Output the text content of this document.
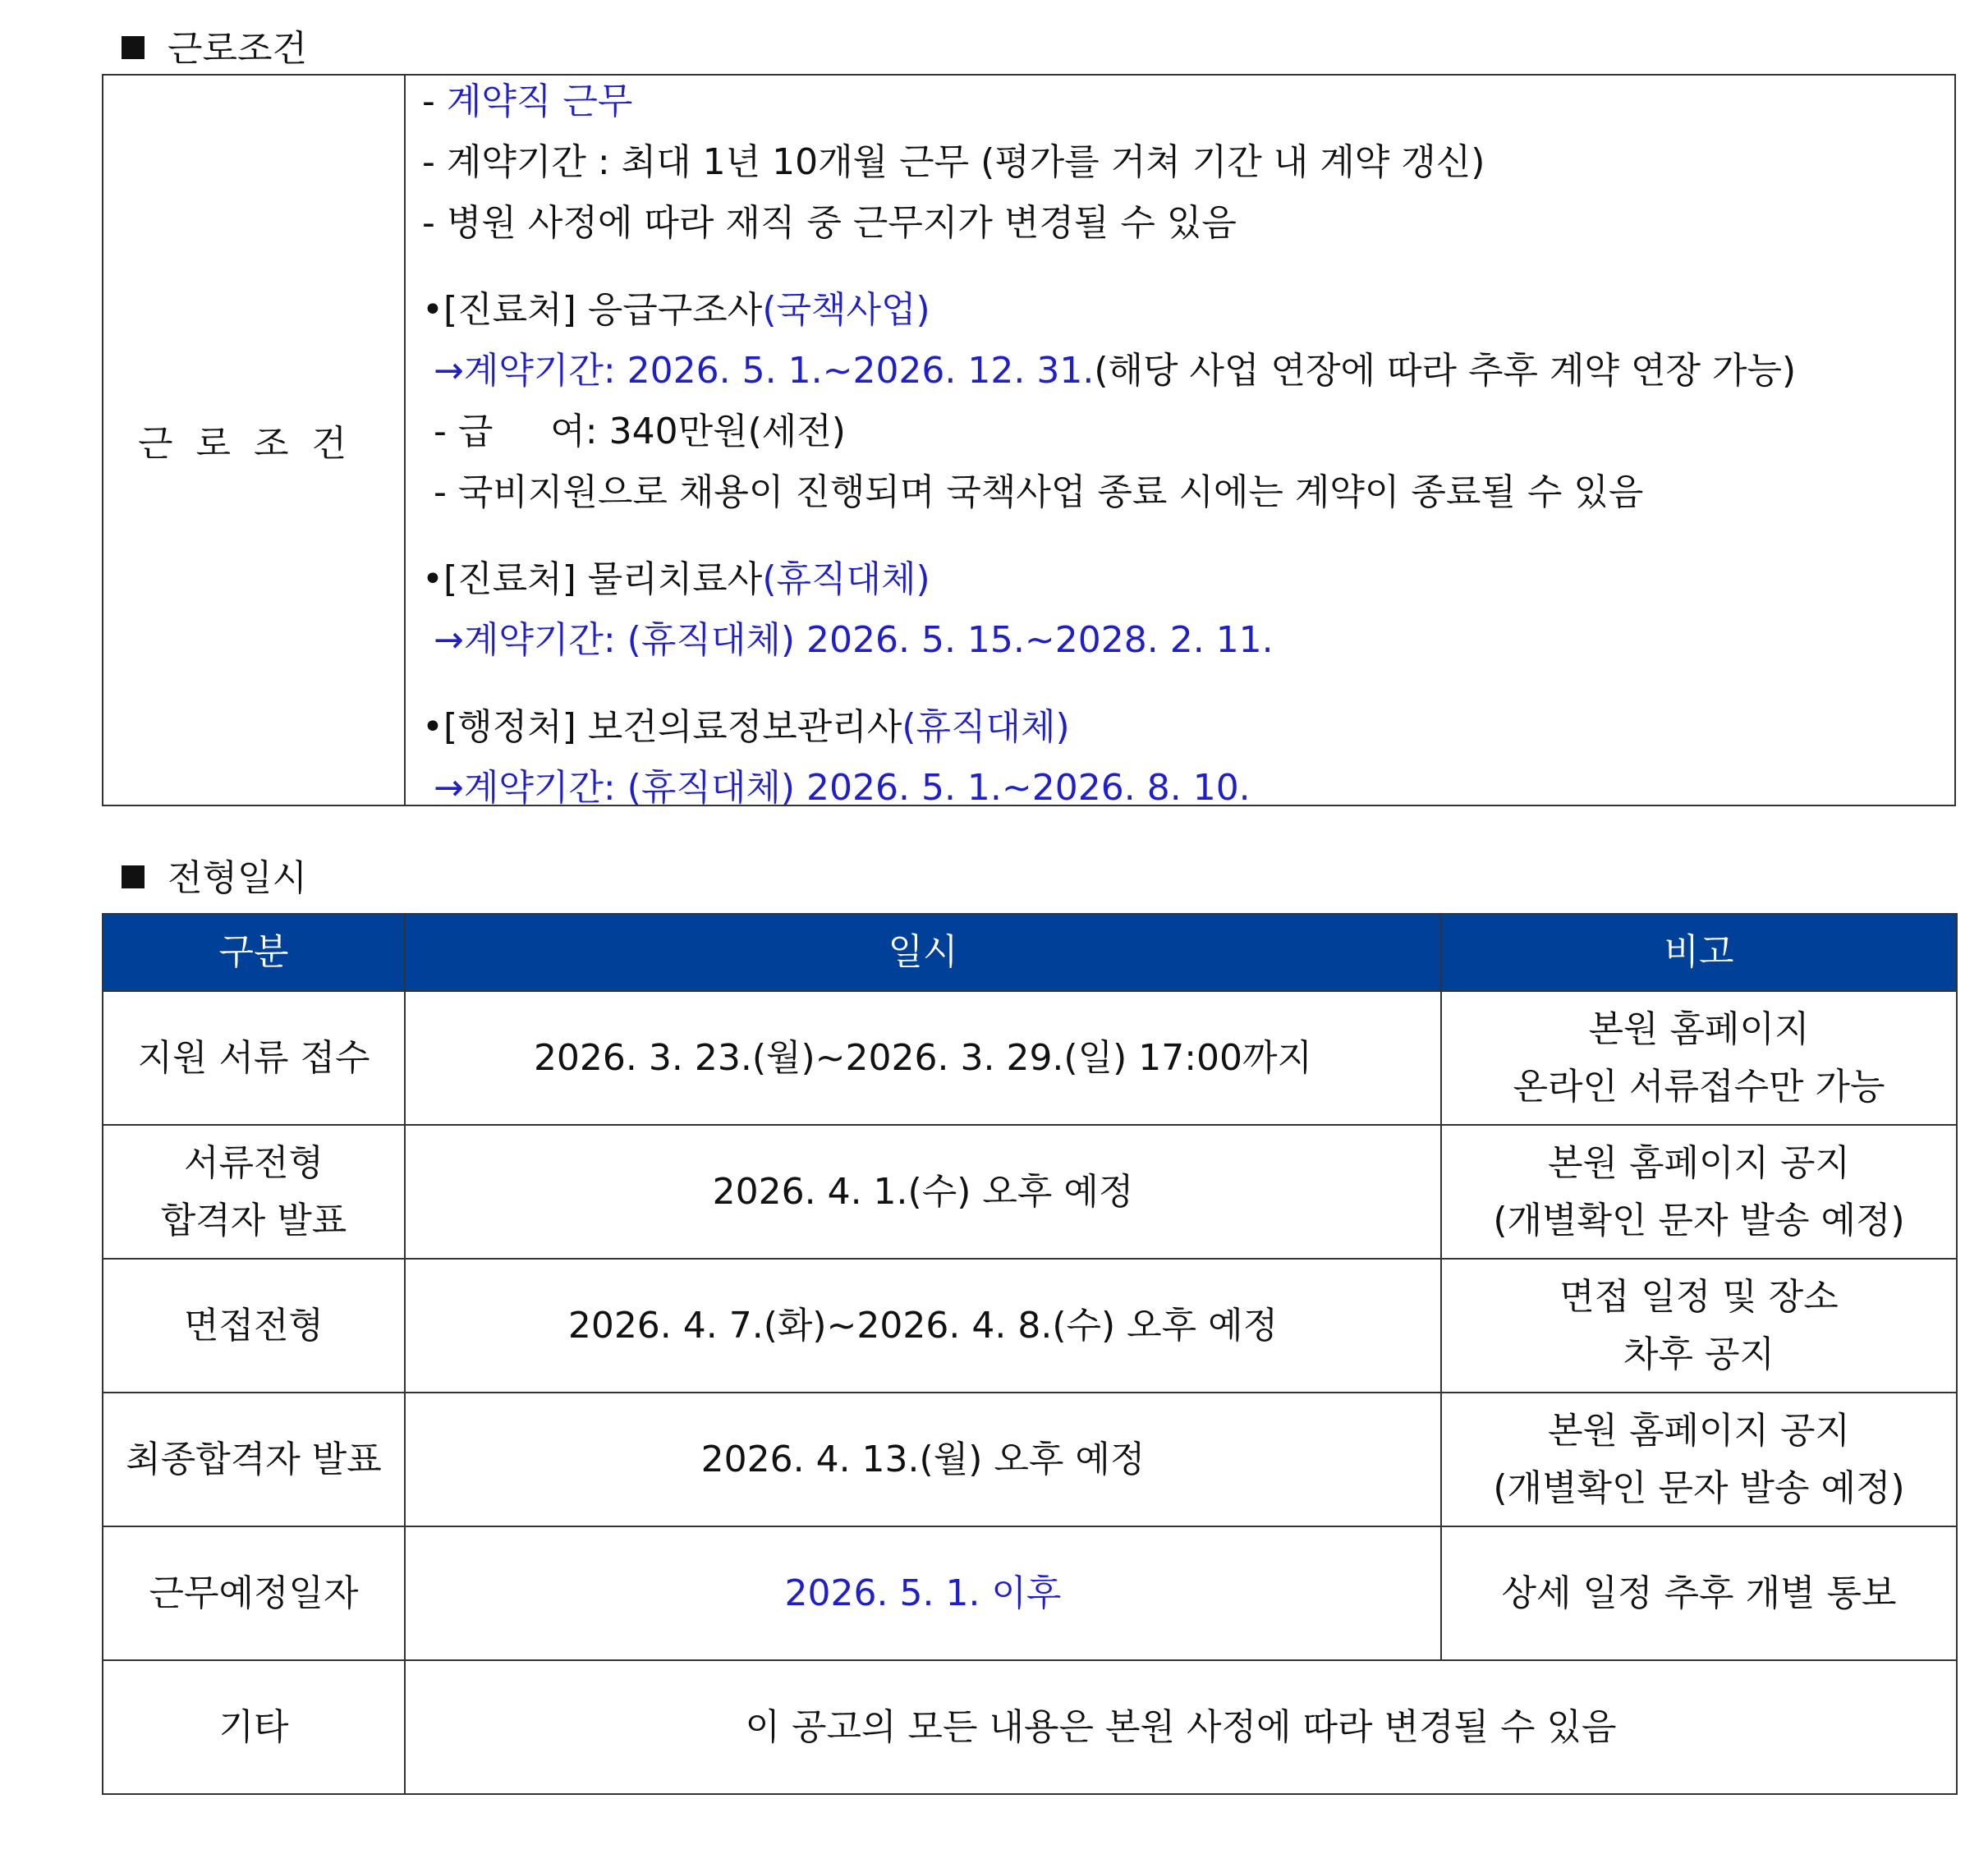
근로조건
근로조건
- 계약직 근무
- 계약기간 : 최대 1년 10개월 근무 (평가를 거쳐 기간 내 계약 갱신)
- 병원 사정에 따라 재직 중 근무지가 변경될 수 있음
•[진료처] 응급구조사(국책사업)
→계약기간: 2026. 5. 1.~2026. 12. 31.(해당 사업 연장에 따라 추후 계약 연장 가능)
- 급     여: 340만원(세전)
- 국비지원으로 채용이 진행되며 국책사업 종료 시에는 계약이 종료될 수 있음
•[진료처] 물리치료사(휴직대체)
→계약기간: (휴직대체) 2026. 5. 15.~2028. 2. 11.
•[행정처] 보건의료정보관리사(휴직대체)
→계약기간: (휴직대체) 2026. 5. 1.~2026. 8. 10.
전형일시
구분	일시	비고
지원 서류 접수	2026. 3. 23.(월)~2026. 3. 29.(일) 17:00까지	본원 홈페이지
온라인 서류접수만 가능
서류전형
합격자 발표	2026. 4. 1.(수) 오후 예정	본원 홈페이지 공지
(개별확인 문자 발송 예정)
면접전형	2026. 4. 7.(화)~2026. 4. 8.(수) 오후 예정	면접 일정 및 장소
차후 공지
최종합격자 발표	2026. 4. 13.(월) 오후 예정	본원 홈페이지 공지
(개별확인 문자 발송 예정)
근무예정일자	2026. 5. 1. 이후	상세 일정 추후 개별 통보
기타	이 공고의 모든 내용은 본원 사정에 따라 변경될 수 있음	
